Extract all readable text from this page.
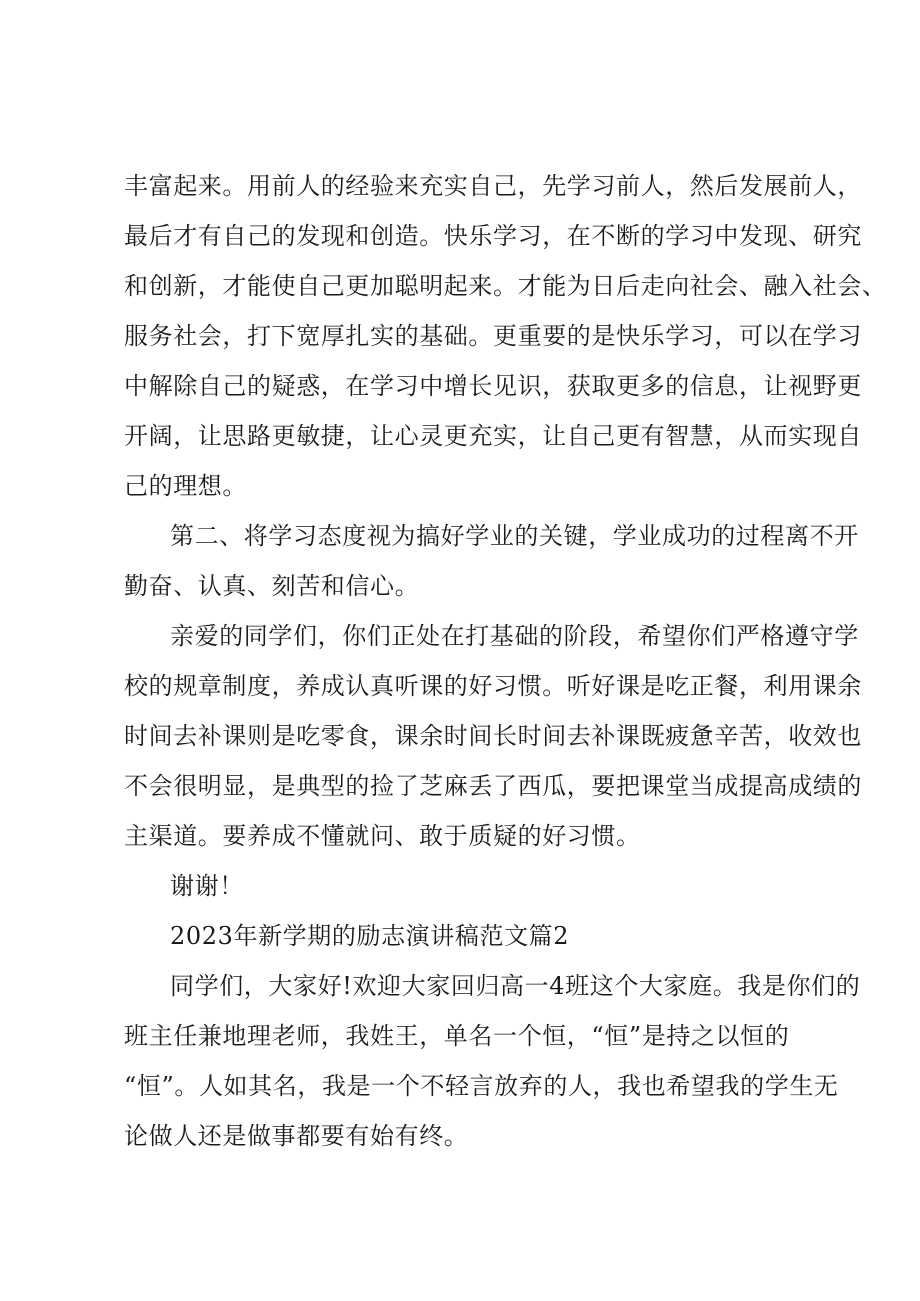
丰富起来。用前人的经验来充实自己，先学习前人，然后发展前人，
最后才有自己的发现和创造。快乐学习，在不断的学习中发现、研究
和创新，才能使自己更加聪明起来。才能为日后走向社会、融入社会、
服务社会，打下宽厚扎实的基础。更重要的是快乐学习，可以在学习
中解除自己的疑惑，在学习中增长见识，获取更多的信息，让视野更
开阔，让思路更敏捷，让心灵更充实，让自己更有智慧，从而实现自
己的理想。
第二、将学习态度视为搞好学业的关键，学业成功的过程离不开
勤奋、认真、刻苦和信心。
亲爱的同学们，你们正处在打基础的阶段，希望你们严格遵守学
校的规章制度，养成认真听课的好习惯。听好课是吃正餐，利用课余
时间去补课则是吃零食，课余时间长时间去补课既疲惫辛苦，收效也
不会很明显，是典型的捡了芝麻丢了西瓜，要把课堂当成提高成绩的
主渠道。要养成不懂就问、敢于质疑的好习惯。
谢谢！
2023年新学期的励志演讲稿范文篇2
同学们，大家好!欢迎大家回归高一4班这个大家庭。我是你们的
班主任兼地理老师，我姓王，单名一个恒，“恒”是持之以恒的
“恒”。人如其名，我是一个不轻言放弃的人，我也希望我的学生无
论做人还是做事都要有始有终。
